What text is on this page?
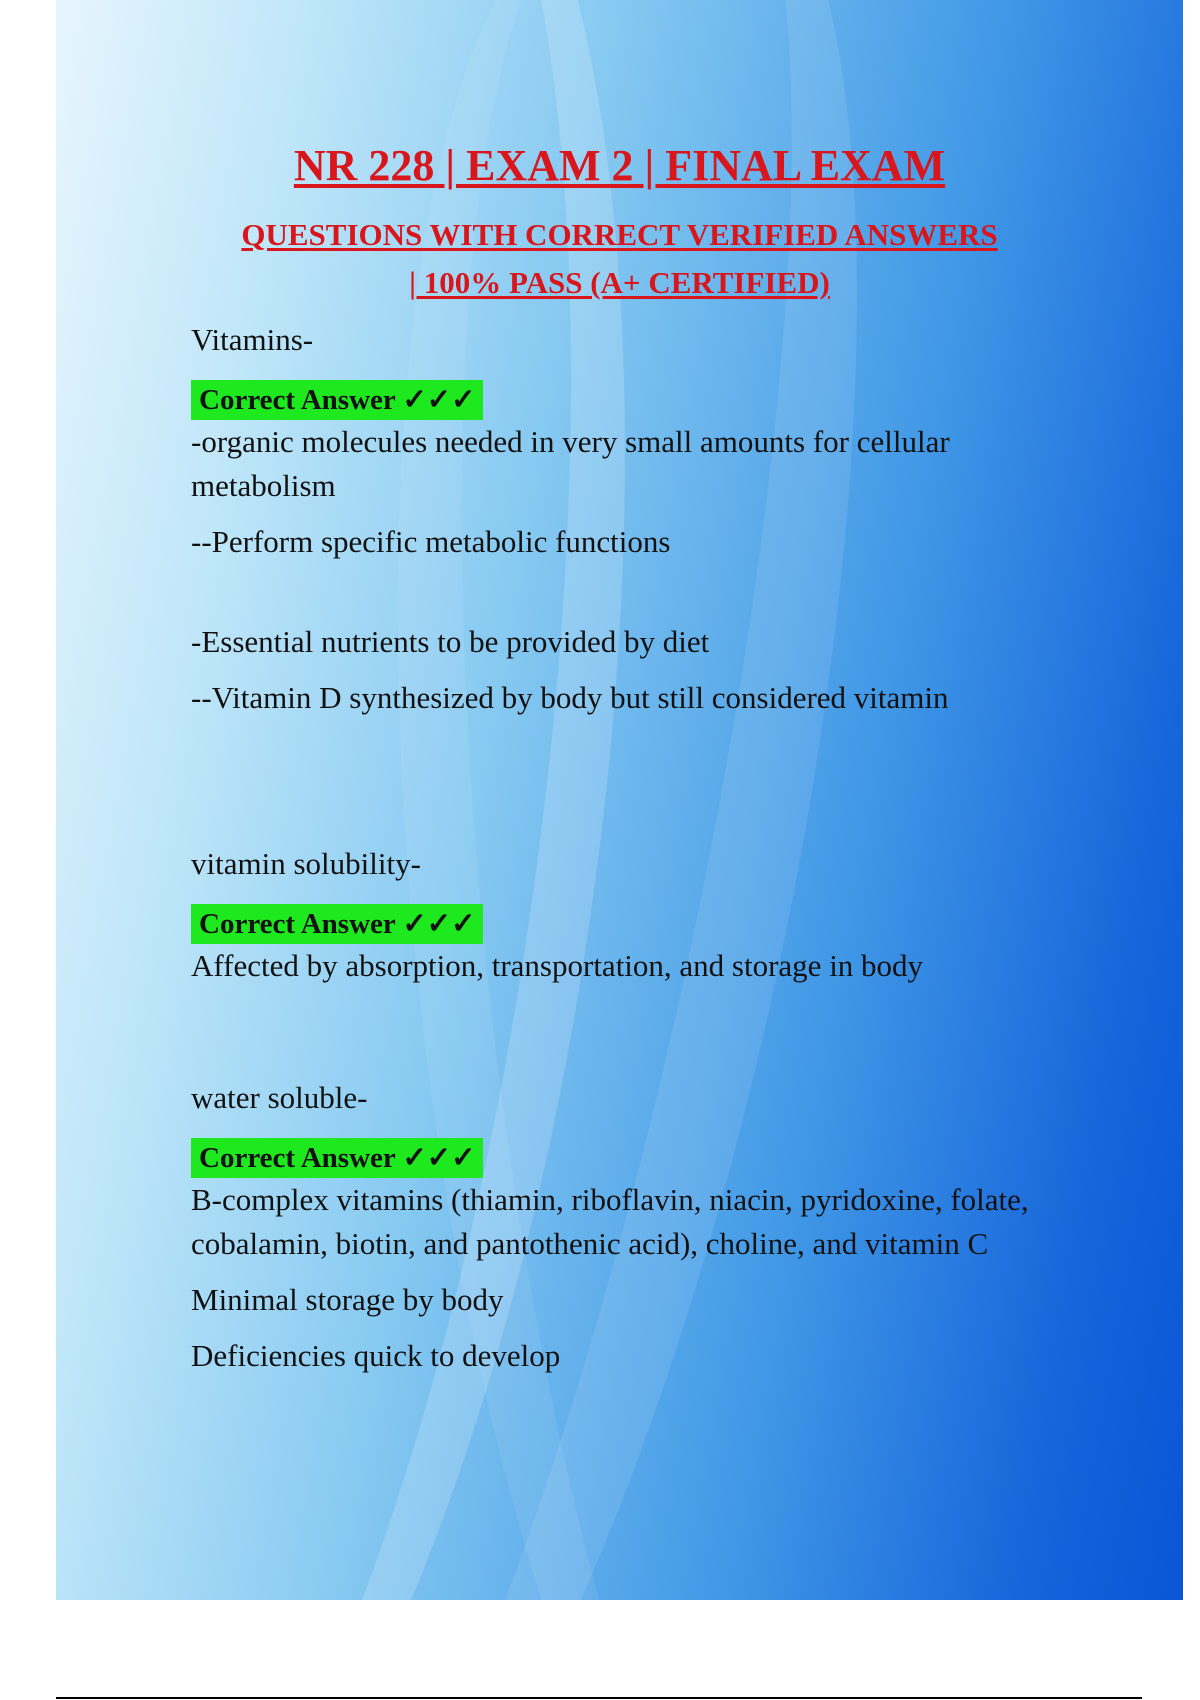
NR 228 | EXAM 2 | FINAL EXAM
QUESTIONS WITH CORRECT VERIFIED ANSWERS
| 100% PASS (A+ CERTIFIED)

Vitamins-

Correct Answer ✓✓✓

-organic molecules needed in very small amounts for cellular metabolism

--Perform specific metabolic functions

-Essential nutrients to be provided by diet

--Vitamin D synthesized by body but still considered vitamin

vitamin solubility-

Correct Answer ✓✓✓

Affected by absorption, transportation, and storage in body

water soluble-

Correct Answer ✓✓✓

B-complex vitamins (thiamin, riboflavin, niacin, pyridoxine, folate, cobalamin, biotin, and pantothenic acid), choline, and vitamin C

Minimal storage by body

Deficiencies quick to develop
